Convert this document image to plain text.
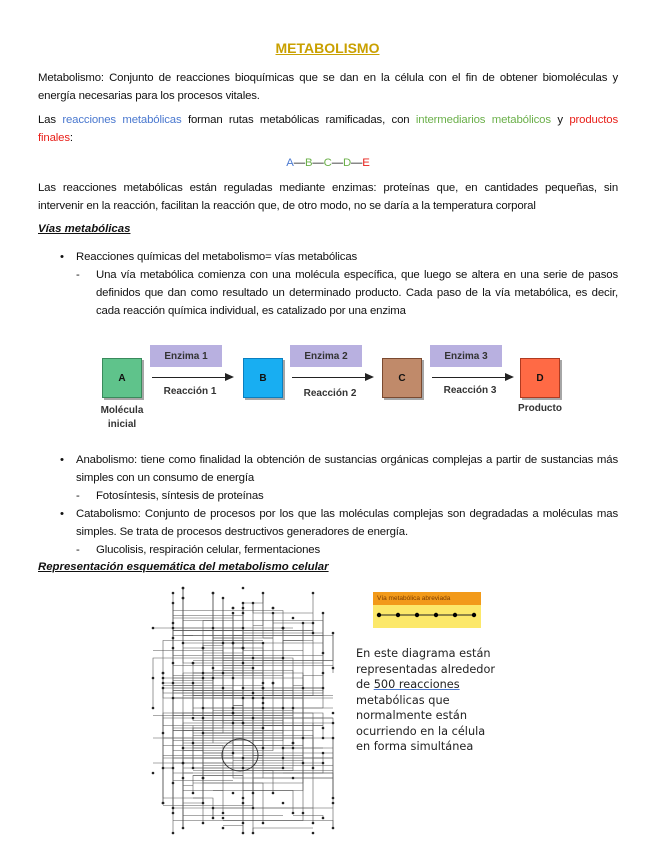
METABOLISMO
Metabolismo: Conjunto de reacciones bioquímicas que se dan en la célula con el fin de obtener biomoléculas y energía necesarias para los procesos vitales.
Las reacciones metabólicas forman rutas metabólicas ramificadas, con intermediarios metabólicos y productos finales:
A—B—C—D—E
Las reacciones metabólicas están reguladas mediante enzimas: proteínas que, en cantidades pequeñas, sin intervenir en la reacción, facilitan la reacción que, de otro modo, no se daría a la temperatura corporal
Vías metabólicas
• Reacciones químicas del metabolismo= vías metabólicas
- Una vía metabólica comienza con una molécula específica, que luego se altera en una serie de pasos definidos que dan como resultado un determinado producto. Cada paso de la vía metabólica, es decir, cada reacción química individual, es catalizado por una enzima
A	B	C	D
Enzima 1	Enzima 2	Enzima 3
Reacción 1	Reacción 2	Reacción 3
Molécula inicial
Producto
• Anabolismo: tiene como finalidad la obtención de sustancias orgánicas complejas a partir de sustancias más simples con un consumo de energía
- Fotosíntesis, síntesis de proteínas
• Catabolismo: Conjunto de procesos por los que las moléculas complejas son degradadas a moléculas mas simples. Se trata de procesos destructivos generadores de energía.
- Glucolisis, respiración celular, fermentaciones
Representación esquemática del metabolismo celular
Vía metabólica abreviada
En este diagrama están representadas alrededor de 500 reacciones metabólicas que normalmente están ocurriendo en la célula en forma simultánea
